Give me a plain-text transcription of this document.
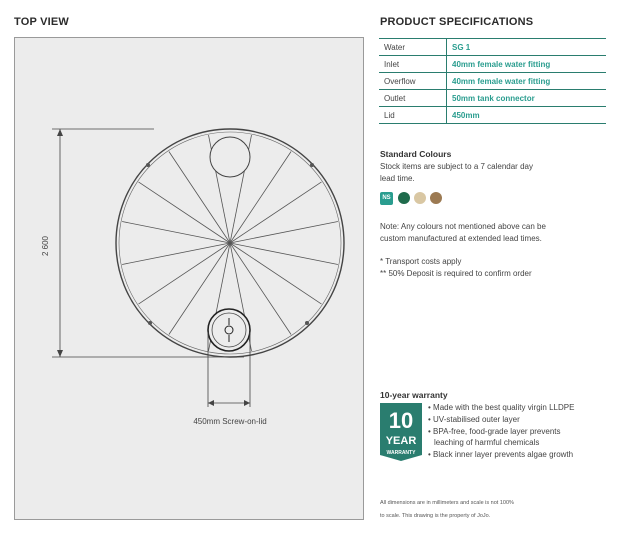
TOP VIEW
2 600
450mm Screw-on-lid
PRODUCT SPECIFICATIONS
Water	SG 1
Inlet	40mm female water fitting
Overflow	40mm female water fitting
Outlet	50mm tank connector
Lid	450mm
Standard Colours
Stock items are subject to a 7 calendar day
lead time.
NS
Note: Any colours not mentioned above can be
custom manufactured at extended lead times.
* Transport costs apply
** 50% Deposit is required to confirm order
10-year warranty
10
YEAR
WARRANTY
• Made with the best quality virgin LLDPE
• UV-stabilised outer layer
• BPA-free, food-grade layer prevents
leaching of harmful chemicals
• Black inner layer prevents algae growth
All dimensions are in millimeters and scale is not 100%
to scale. This drawing is the property of JoJo.
